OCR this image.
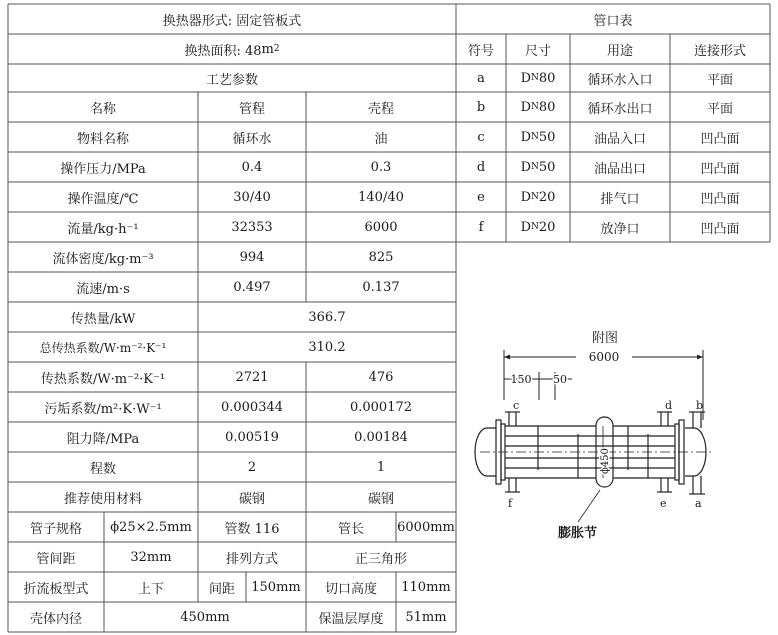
换热器形式: 固定管板式
换热面积: 48 m 2
工艺参数
名称	管程	壳程
物料名称	循环水	油
操作压力/MPa	0.4	0.3
操作温度/℃	30/40	140/40
流量/kg·h⁻¹	32353	6000
流体密度/kg·m⁻³	994	825
流速/m·s	0.497	0.137
传热量/kW	366.7
总传热系数/W·m⁻²·K⁻¹	310.2
传热系数/W·m⁻²·K⁻¹	2721	476
污垢系数/m²·K·W⁻¹	0.000344	0.000172
阻力降/MPa	0.00519	0.00184
程数	2	1
推荐使用材料	碳钢	碳钢
管子规格	ϕ25×2.5mm	管数 116	管长	6000mm
管间距	32mm	排列方式	正三角形
折流板型式	上下	间距	150mm	切口高度	110mm
壳体内径	450mm	保温层厚度	51mm
管口表
符号	尺寸	用途	连接形式
a	D N 80	循环水入口	平面
b	D N 80	循环水出口	平面
c	D N 50	油品入口	凹凸面
d	D N 50	油品出口	凹凸面
e	D N 20	排气口	凹凸面
f	D N 20	放净口	凹凸面
附图
6000
150 50
c	d b
f	e	a
ϕ450
膨胀节
